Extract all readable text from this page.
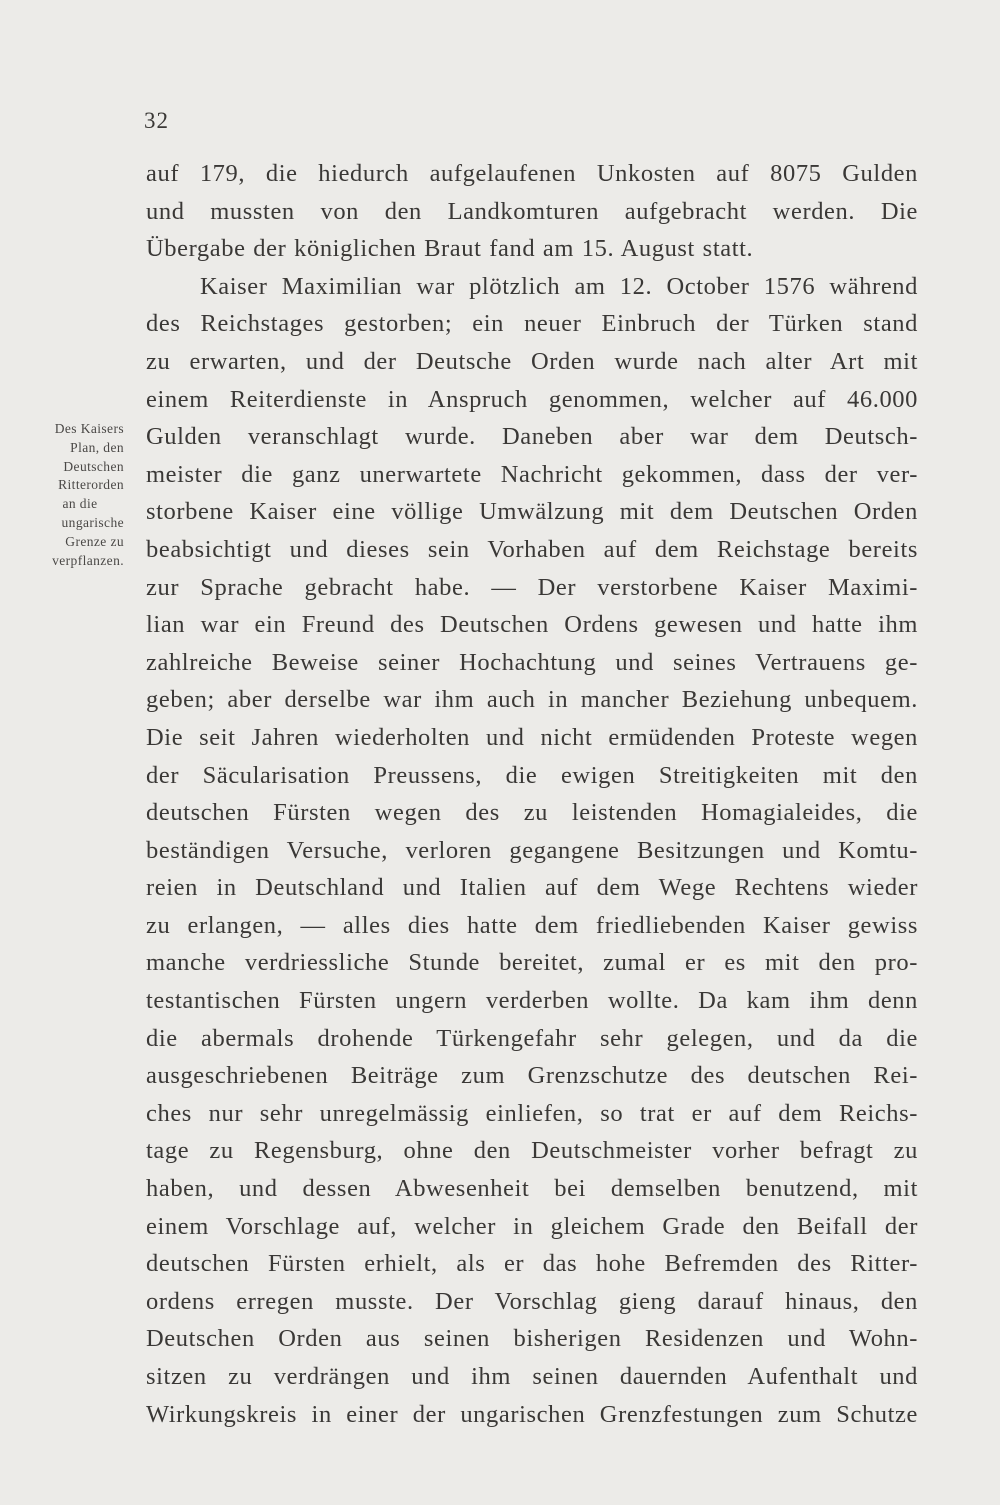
32
Des Kaisers
Plan, den
Deutschen
Ritterorden
an die
ungarische
Grenze zu
verpflanzen.
auf 179, die hiedurch aufgelaufenen Unkosten auf 8075 Gulden
und mussten von den Landkomturen aufgebracht werden. Die
Übergabe der königlichen Braut fand am 15. August statt.
Kaiser Maximilian war plötzlich am 12. October 1576 während
des Reichstages gestorben; ein neuer Einbruch der Türken stand
zu erwarten, und der Deutsche Orden wurde nach alter Art mit
einem Reiterdienste in Anspruch genommen, welcher auf 46.000
Gulden veranschlagt wurde. Daneben aber war dem Deutsch-
meister die ganz unerwartete Nachricht gekommen, dass der ver-
storbene Kaiser eine völlige Umwälzung mit dem Deutschen Orden
beabsichtigt und dieses sein Vorhaben auf dem Reichstage bereits
zur Sprache gebracht habe. — Der verstorbene Kaiser Maximi-
lian war ein Freund des Deutschen Ordens gewesen und hatte ihm
zahlreiche Beweise seiner Hochachtung und seines Vertrauens ge-
geben; aber derselbe war ihm auch in mancher Beziehung unbequem.
Die seit Jahren wiederholten und nicht ermüdenden Proteste wegen
der Säcularisation Preussens, die ewigen Streitigkeiten mit den
deutschen Fürsten wegen des zu leistenden Homagialeides, die
beständigen Versuche, verloren gegangene Besitzungen und Komtu-
reien in Deutschland und Italien auf dem Wege Rechtens wieder
zu erlangen, — alles dies hatte dem friedliebenden Kaiser gewiss
manche verdriessliche Stunde bereitet, zumal er es mit den pro-
testantischen Fürsten ungern verderben wollte. Da kam ihm denn
die abermals drohende Türkengefahr sehr gelegen, und da die
ausgeschriebenen Beiträge zum Grenzschutze des deutschen Rei-
ches nur sehr unregelmässig einliefen, so trat er auf dem Reichs-
tage zu Regensburg, ohne den Deutschmeister vorher befragt zu
haben, und dessen Abwesenheit bei demselben benutzend, mit
einem Vorschlage auf, welcher in gleichem Grade den Beifall der
deutschen Fürsten erhielt, als er das hohe Befremden des Ritter-
ordens erregen musste. Der Vorschlag gieng darauf hinaus, den
Deutschen Orden aus seinen bisherigen Residenzen und Wohn-
sitzen zu verdrängen und ihm seinen dauernden Aufenthalt und
Wirkungskreis in einer der ungarischen Grenzfestungen zum Schutze
